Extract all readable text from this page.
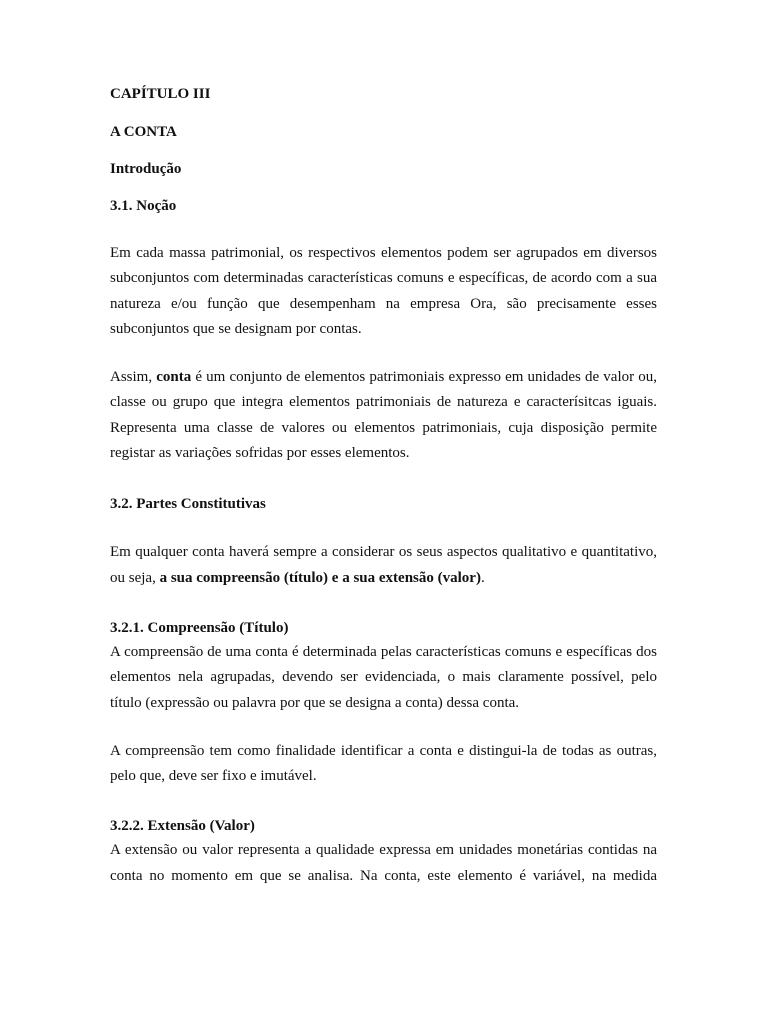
CAPÍTULO III
A CONTA
Introdução
3.1. Noção

Em cada massa patrimonial, os respectivos elementos podem ser agrupados em diversos subconjuntos com determinadas características comuns e específicas, de acordo com a sua natureza e/ou função que desempenham na empresa Ora, são precisamente esses subconjuntos que se designam por contas.

Assim, conta é um conjunto de elementos patrimoniais expresso em unidades de valor ou, classe ou grupo que integra elementos patrimoniais de natureza e caracterísitcas iguais. Representa uma classe de valores ou elementos patrimoniais, cuja disposição permite registar as variações sofridas por esses elementos.

3.2. Partes Constitutivas

Em qualquer conta haverá sempre a considerar os seus aspectos qualitativo e quantitativo, ou seja, a sua compreensão (título) e a sua extensão (valor).

3.2.1. Compreensão (Título)

A compreensão de uma conta é determinada pelas características comuns e específicas dos elementos nela agrupadas, devendo ser evidenciada, o mais claramente possível, pelo título (expressão ou palavra por que se designa a conta) dessa conta.

A compreensão tem como finalidade identificar a conta e distingui-la de todas as outras, pelo que, deve ser fixo e imutável.

3.2.2. Extensão (Valor)

A extensão ou valor representa a qualidade expressa em unidades monetárias contidas na conta no momento em que se analisa. Na conta, este elemento é variável, na medida
